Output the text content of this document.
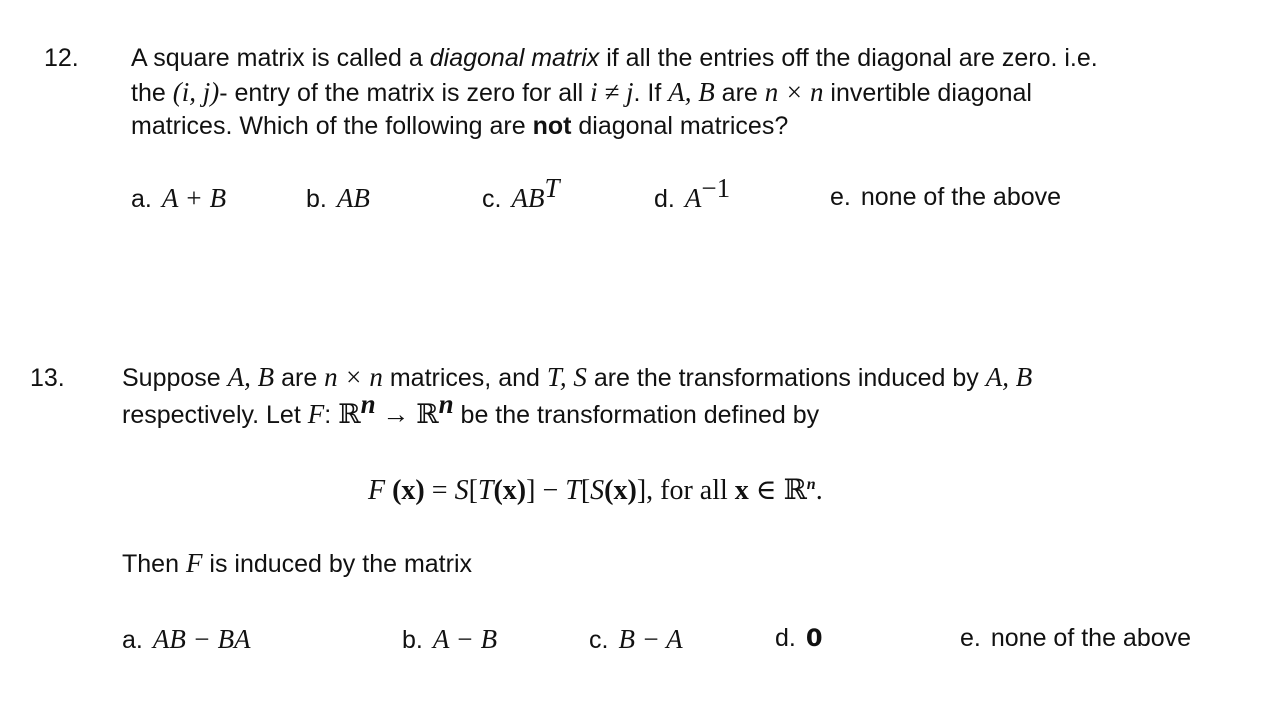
12. A square matrix is called a diagonal matrix if all the entries off the diagonal are zero. i.e.
the (i, j)- entry of the matrix is zero for all i ≠ j. If A, B are n × n invertible diagonal
matrices. Which of the following are not diagonal matrices?
a. A + B	b. AB	c. $AB^T$	d. $A^{-1}$	e. none of the above
13. Suppose A, B are n × n matrices, and T, S are the transformations induced by A, B
respectively. Let F: ℝ$^n$ → ℝ$^n$ be the transformation defined by
F (x) = S[T(x)] − T[S(x)], for all x ∈ ℝ$^n$.
Then F is induced by the matrix
a. AB − BA	b. A − B	c. B − A	d. 0	e. none of the above
